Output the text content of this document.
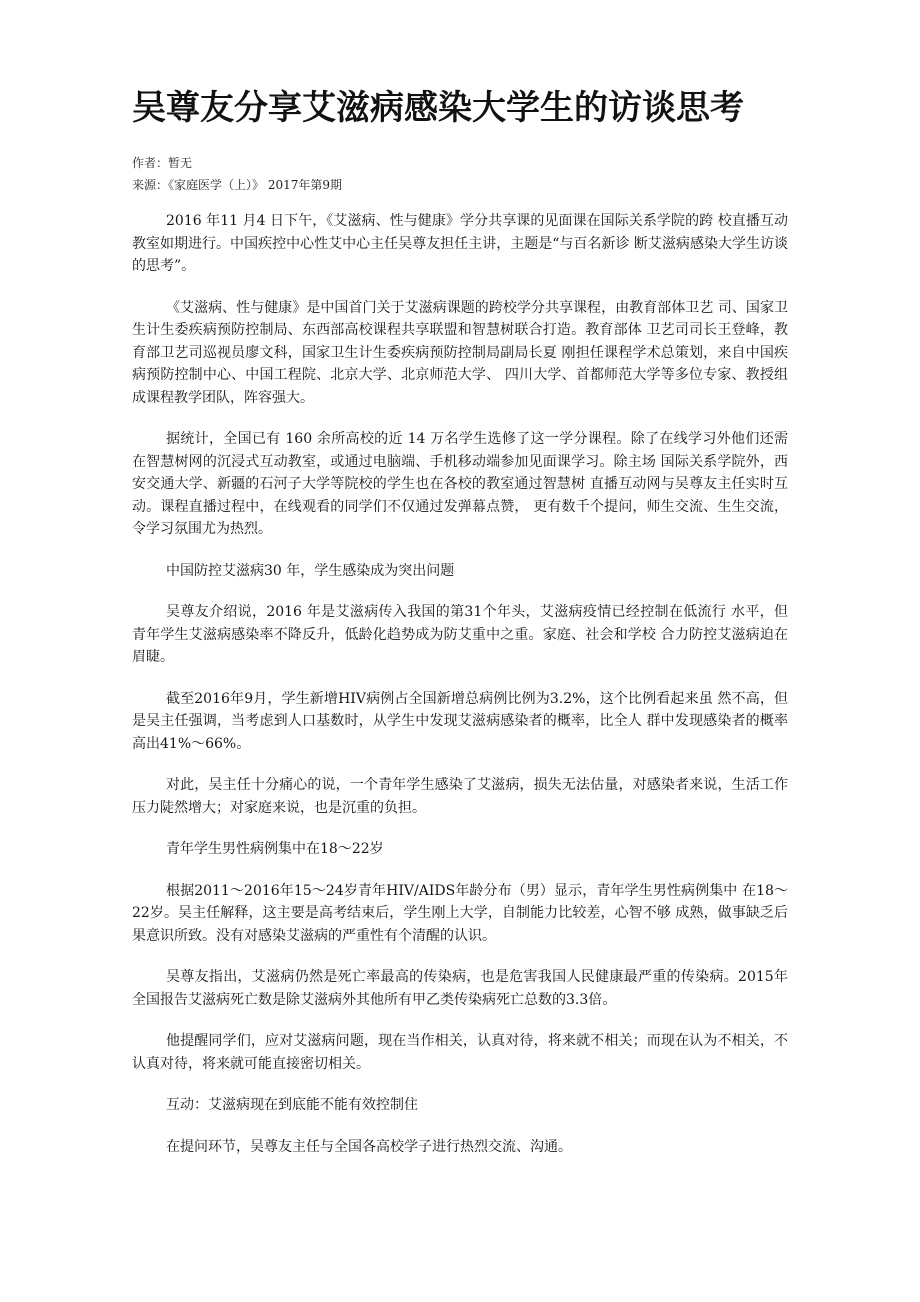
吴尊友分享艾滋病感染大学生的访谈思考
作者：暂无
来源：《家庭医学（上）》 2017年第9期

2016 年11 月4 日下午，《艾滋病、性与健康》学分共享课的见面课在国际关系学院的跨 校直播互动教室如期进行。中国疾控中心性艾中心主任吴尊友担任主讲，主题是“与百名新诊 断艾滋病感染大学生访谈的思考”。

《艾滋病、性与健康》是中国首门关于艾滋病课题的跨校学分共享课程，由教育部体卫艺 司、国家卫生计生委疾病预防控制局、东西部高校课程共享联盟和智慧树联合打造。教育部体 卫艺司司长王登峰，教育部卫艺司巡视员廖文科，国家卫生计生委疾病预防控制局副局长夏 刚担任课程学术总策划，来自中国疾病预防控制中心、中国工程院、北京大学、北京师范大学、 四川大学、首都师范大学等多位专家、教授组成课程教学团队，阵容强大。

据统计，全国已有 160 余所高校的近 14 万名学生选修了这一学分课程。除了在线学习外他们还需在智慧树网的沉浸式互动教室，或通过电脑端、手机移动端参加见面课学习。除主场 国际关系学院外，西安交通大学、新疆的石河子大学等院校的学生也在各校的教室通过智慧树 直播互动网与吴尊友主任实时互动。课程直播过程中，在线观看的同学们不仅通过发弹幕点赞， 更有数千个提问，师生交流、生生交流，令学习氛围尤为热烈。

中国防控艾滋病30 年，学生感染成为突出问题

吴尊友介绍说，2016 年是艾滋病传入我国的第31个年头，艾滋病疫情已经控制在低流行 水平，但青年学生艾滋病感染率不降反升，低龄化趋势成为防艾重中之重。家庭、社会和学校 合力防控艾滋病迫在眉睫。

截至2016年9月，学生新增HIV病例占全国新增总病例比例为3.2%，这个比例看起来虽 然不高，但是吴主任强调，当考虑到人口基数时，从学生中发现艾滋病感染者的概率，比全人 群中发现感染者的概率高出41%～66%。

对此，吴主任十分痛心的说，一个青年学生感染了艾滋病，损失无法估量，对感染者来说，生活工作压力陡然增大；对家庭来说，也是沉重的负担。

青年学生男性病例集中在18～22岁

根据2011～2016年15～24岁青年HIV/AIDS年龄分布（男）显示，青年学生男性病例集中 在18～22岁。吴主任解释，这主要是高考结束后，学生刚上大学，自制能力比较差，心智不够 成熟，做事缺乏后果意识所致。没有对感染艾滋病的严重性有个清醒的认识。

吴尊友指出，艾滋病仍然是死亡率最高的传染病，也是危害我国人民健康最严重的传染病。2015年全国报告艾滋病死亡数是除艾滋病外其他所有甲乙类传染病死亡总数的3.3倍。

他提醒同学们，应对艾滋病问题，现在当作相关，认真对待，将来就不相关；而现在认为不相关，不认真对待，将来就可能直接密切相关。

互动：艾滋病现在到底能不能有效控制住

在提问环节，吴尊友主任与全国各高校学子进行热烈交流、沟通。
